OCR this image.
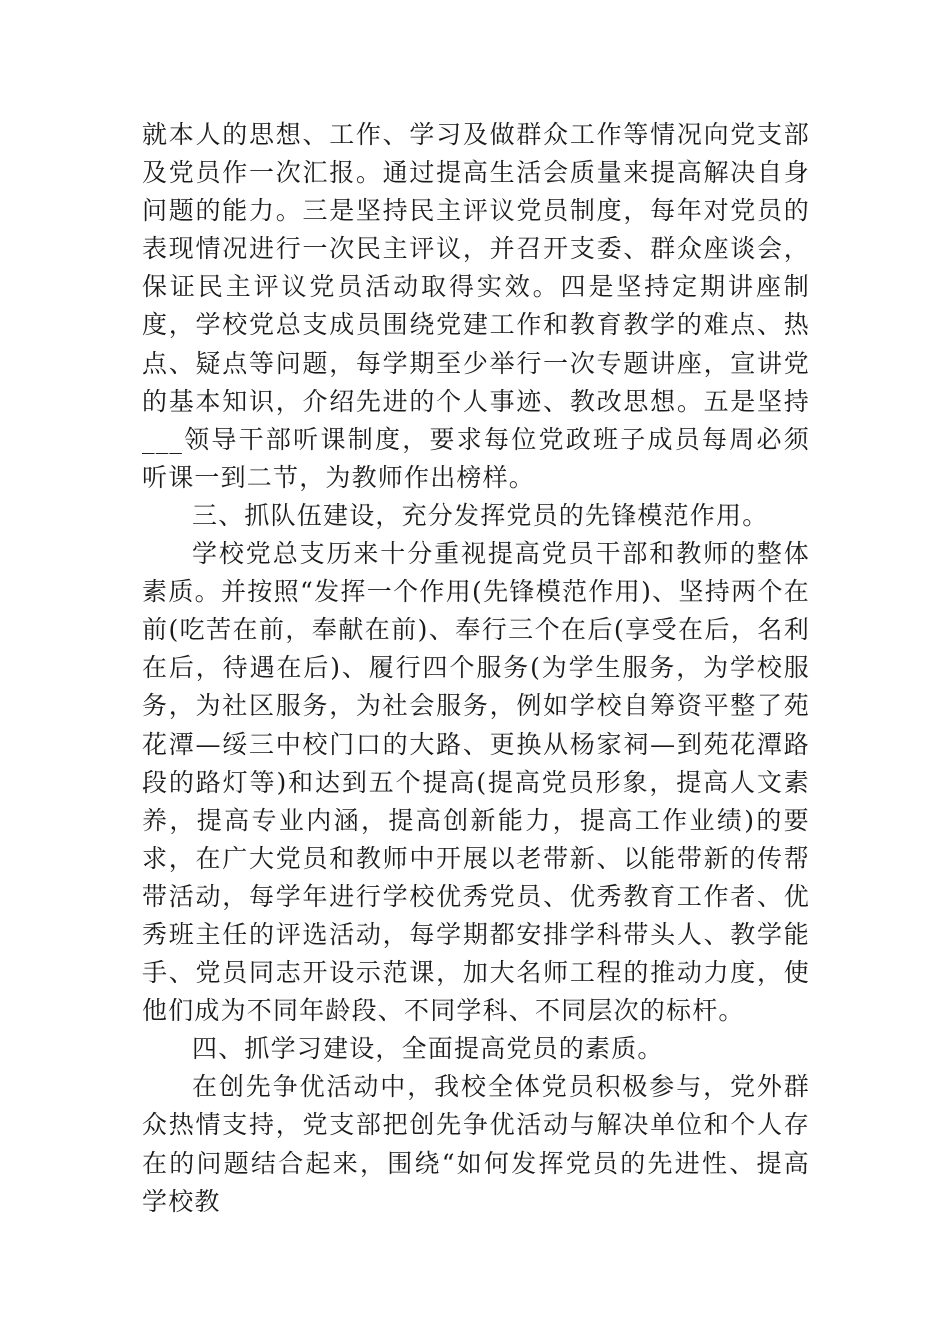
就本人的思想、工作、学习及做群众工作等情况向党支部及党员作一次汇报。通过提高生活会质量来提高解决自身问题的能力。三是坚持民主评议党员制度，每年对党员的表现情况进行一次民主评议，并召开支委、群众座谈会，保证民主评议党员活动取得实效。四是坚持定期讲座制度，学校党总支成员围绕党建工作和教育教学的难点、热点、疑点等问题，每学期至少举行一次专题讲座，宣讲党的基本知识，介绍先进的个人事迹、教改思想。五是坚持___领导干部听课制度，要求每位党政班子成员每周必须听课一到二节，为教师作出榜样。

三、抓队伍建设，充分发挥党员的先锋模范作用。

学校党总支历来十分重视提高党员干部和教师的整体素质。并按照“发挥一个作用(先锋模范作用)、坚持两个在前(吃苦在前，奉献在前)、奉行三个在后(享受在后，名利在后，待遇在后)、履行四个服务(为学生服务，为学校服务，为社区服务，为社会服务，例如学校自筹资平整了苑花潭—绥三中校门口的大路、更换从杨家祠—到苑花潭路段的路灯等)和达到五个提高(提高党员形象，提高人文素养，提高专业内涵，提高创新能力，提高工作业绩)的要求，在广大党员和教师中开展以老带新、以能带新的传帮带活动，每学年进行学校优秀党员、优秀教育工作者、优秀班主任的评选活动，每学期都安排学科带头人、教学能手、党员同志开设示范课，加大名师工程的推动力度，使他们成为不同年龄段、不同学科、不同层次的标杆。

四、抓学习建设，全面提高党员的素质。

在创先争优活动中，我校全体党员积极参与，党外群众热情支持，党支部把创先争优活动与解决单位和个人存在的问题结合起来，围绕“如何发挥党员的先进性、提高学校教
